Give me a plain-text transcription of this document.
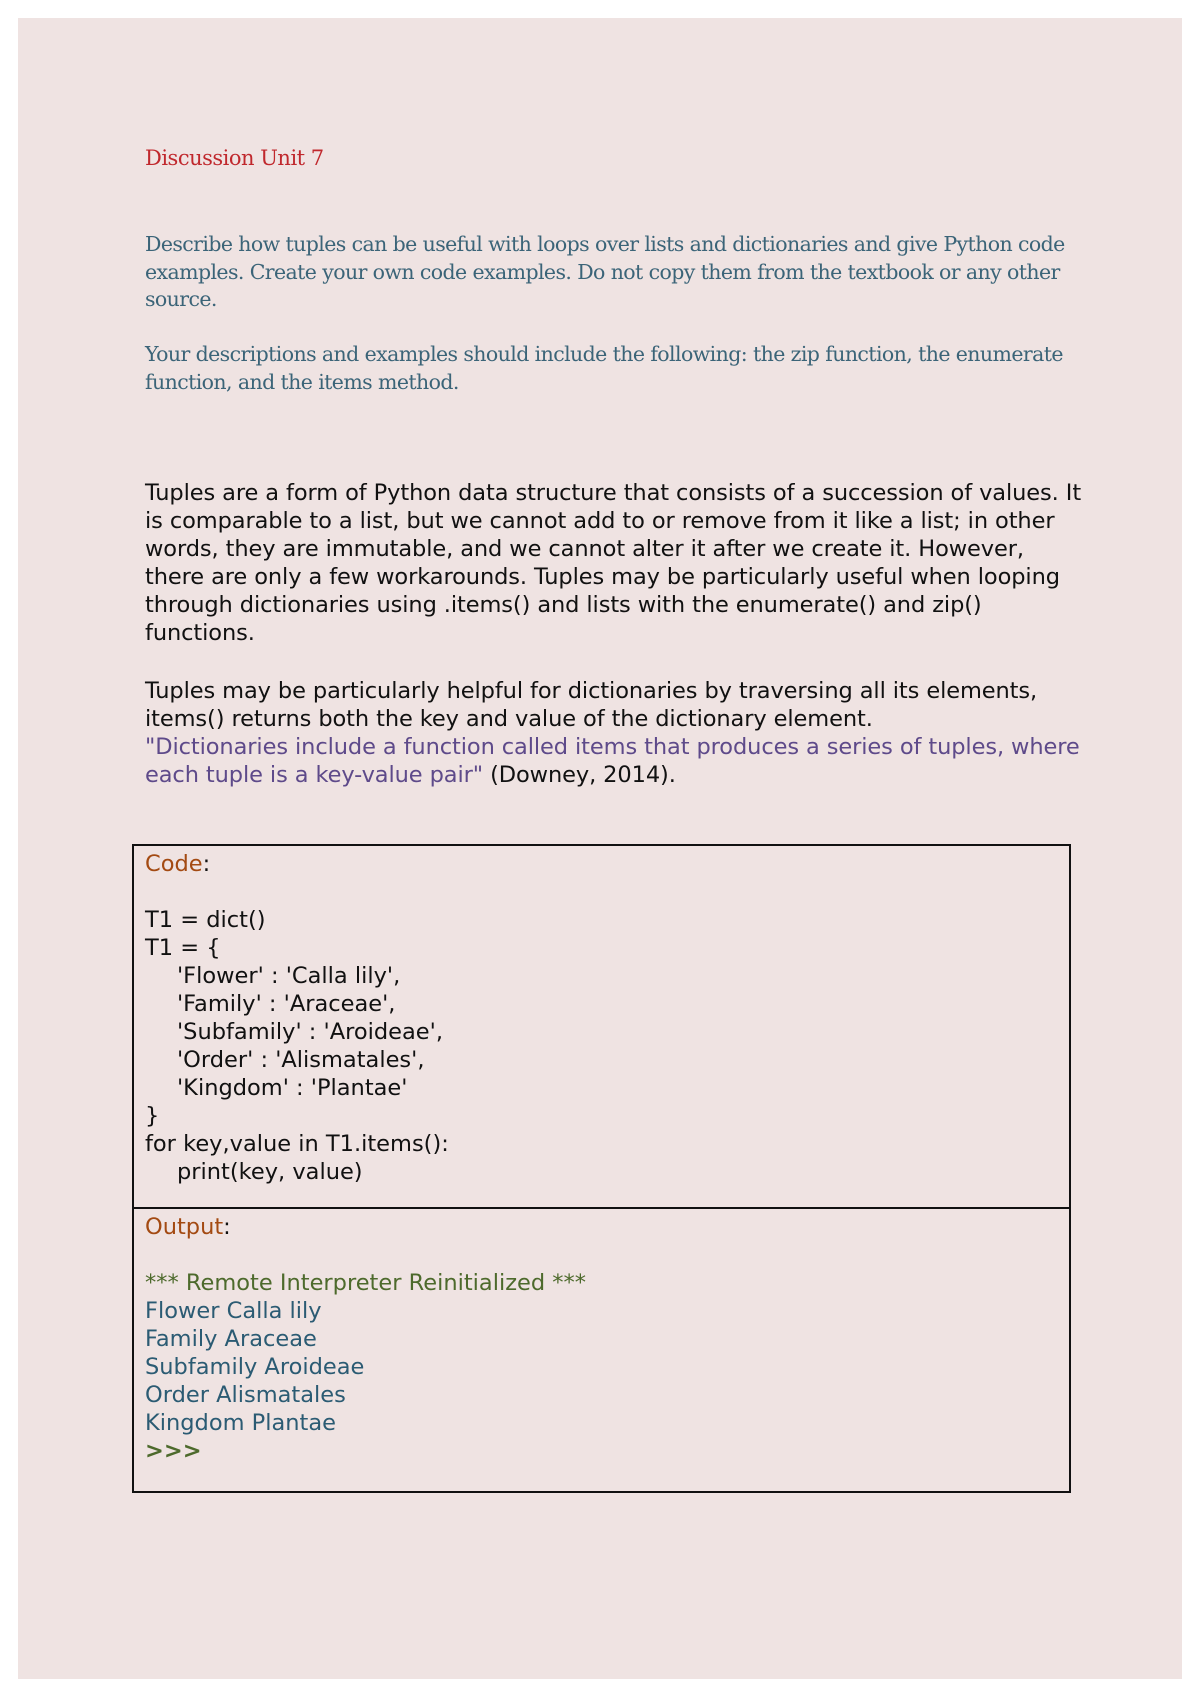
Discussion Unit 7

Describe how tuples can be useful with loops over lists and dictionaries and give Python code examples. Create your own code examples. Do not copy them from the textbook or any other source.

Your descriptions and examples should include the following: the zip function, the enumerate function, and the items method.

Tuples are a form of Python data structure that consists of a succession of values. It is comparable to a list, but we cannot add to or remove from it like a list; in other words, they are immutable, and we cannot alter it after we create it. However, there are only a few workarounds. Tuples may be particularly useful when looping through dictionaries using .items() and lists with the enumerate() and zip() functions.

Tuples may be particularly helpful for dictionaries by traversing all its elements,
items() returns both the key and value of the dictionary element.
"Dictionaries include a function called items that produces a series of tuples, where each tuple is a key-value pair" (Downey, 2014).
Code:
T1 = dict()
T1 = {
'Flower' : 'Calla lily',
'Family' : 'Araceae',
'Subfamily' : 'Aroideae',
'Order' : 'Alismatales',
'Kingdom' : 'Plantae'
}
for key,value in T1.items():
print(key, value)
Output:
*** Remote Interpreter Reinitialized ***
Flower Calla lily
Family Araceae
Subfamily Aroideae
Order Alismatales
Kingdom Plantae
>>>
